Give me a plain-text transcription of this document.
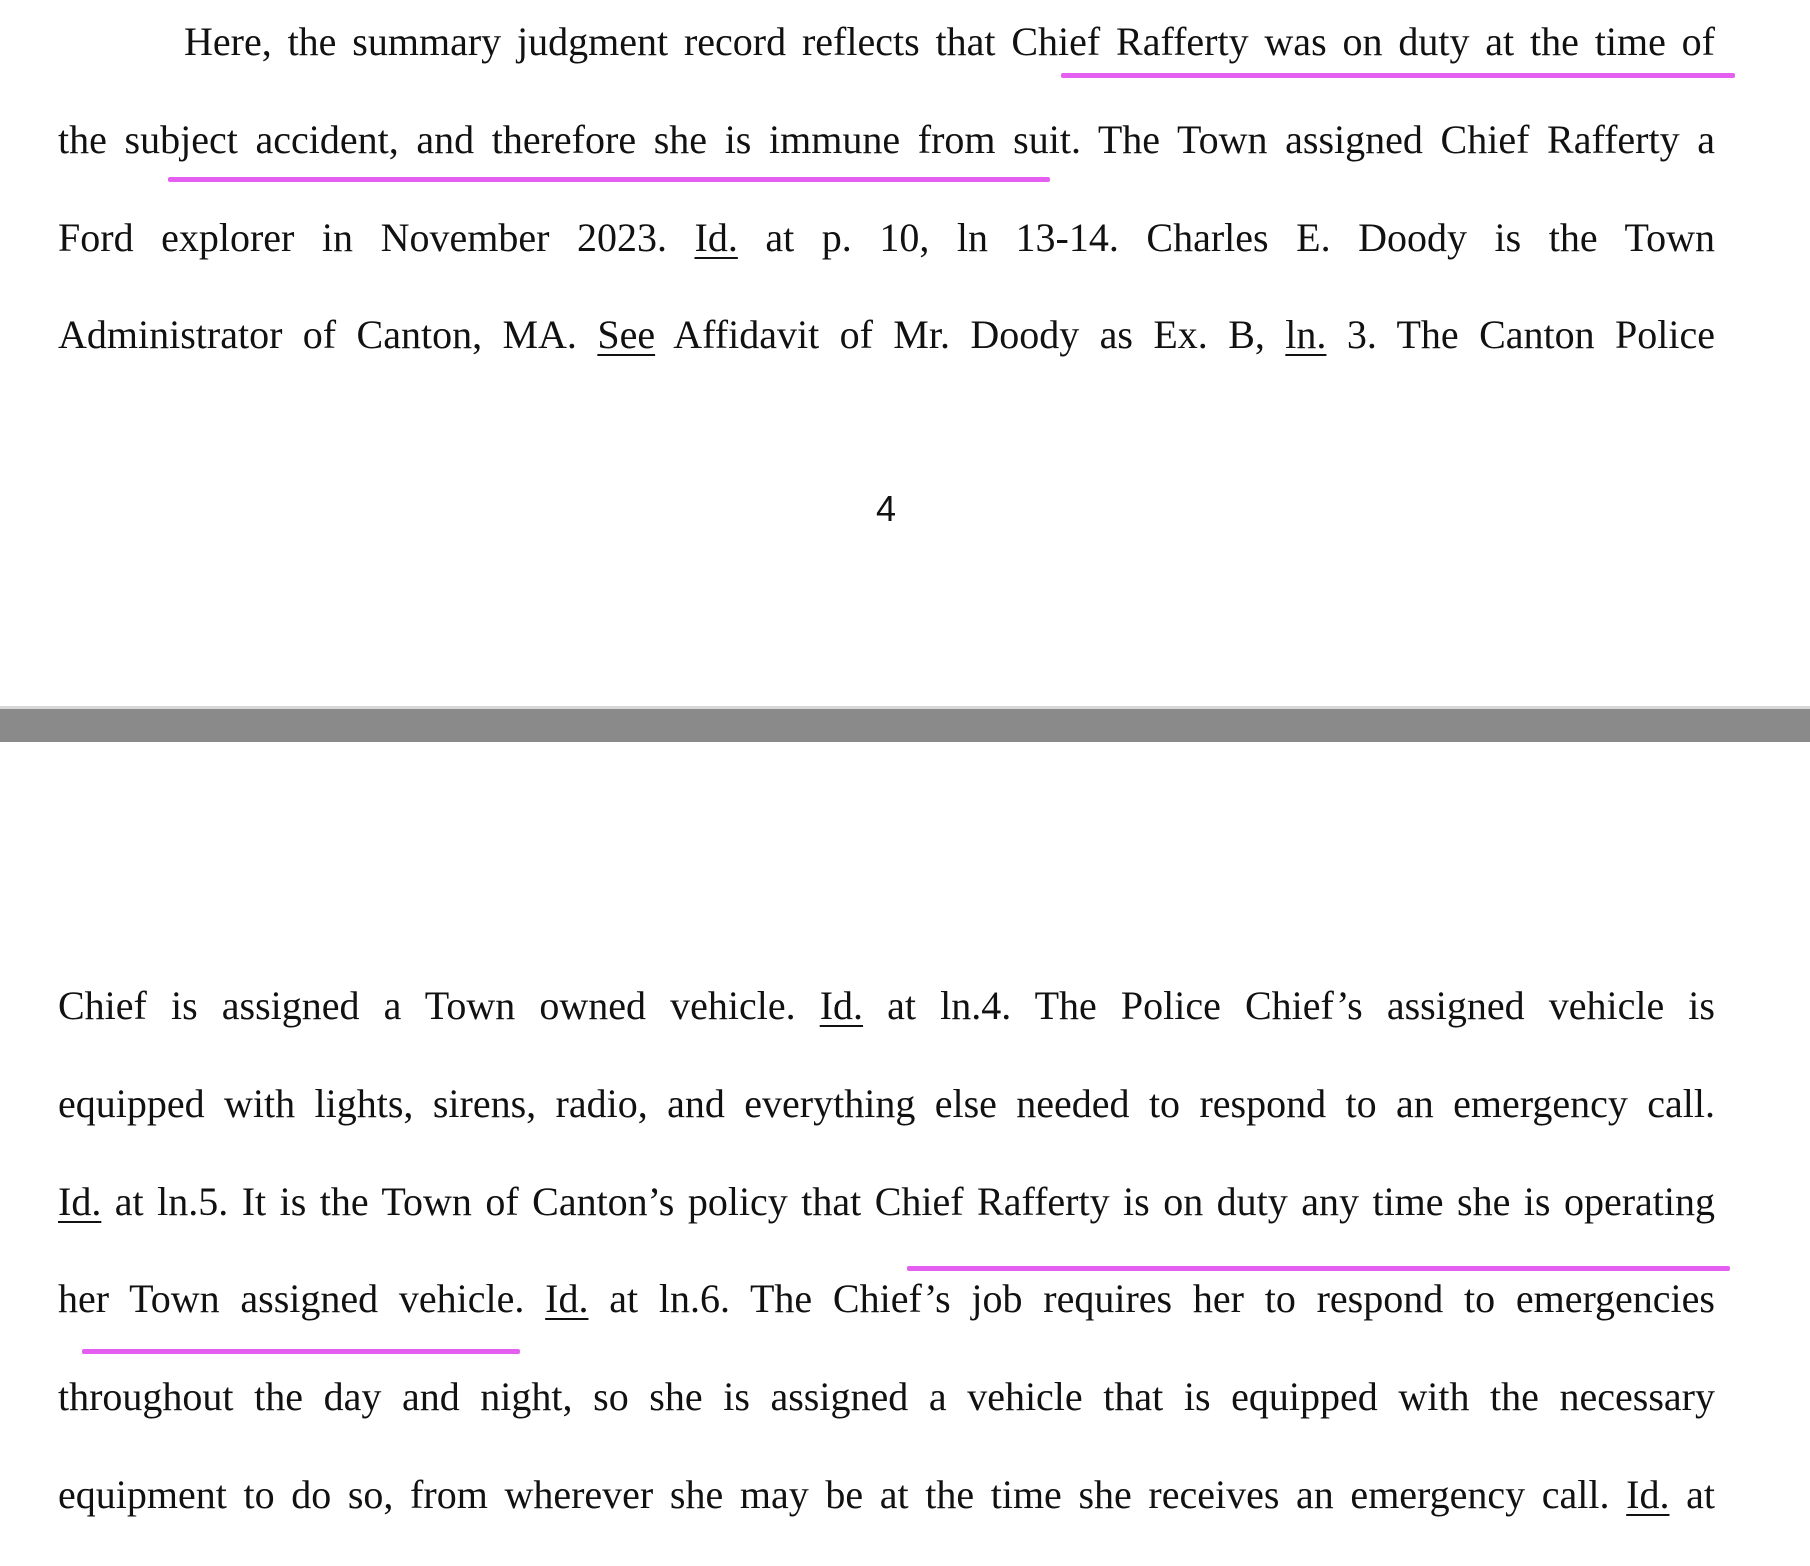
Here, the summary judgment record reflects that Chief Rafferty was on duty at the time of
the subject accident, and therefore she is immune from suit. The Town assigned Chief Rafferty a
Ford explorer in November 2023. Id. at p. 10, ln 13-14. Charles E. Doody is the Town
Administrator of Canton, MA. See Affidavit of Mr. Doody as Ex. B, ln. 3. The Canton Police
4
Chief is assigned a Town owned vehicle. Id. at ln.4. The Police Chief’s assigned vehicle is
equipped with lights, sirens, radio, and everything else needed to respond to an emergency call.
Id. at ln.5. It is the Town of Canton’s policy that Chief Rafferty is on duty any time she is operating
her Town assigned vehicle. Id. at ln.6. The Chief’s job requires her to respond to emergencies
throughout the day and night, so she is assigned a vehicle that is equipped with the necessary
equipment to do so, from wherever she may be at the time she receives an emergency call. Id. at
